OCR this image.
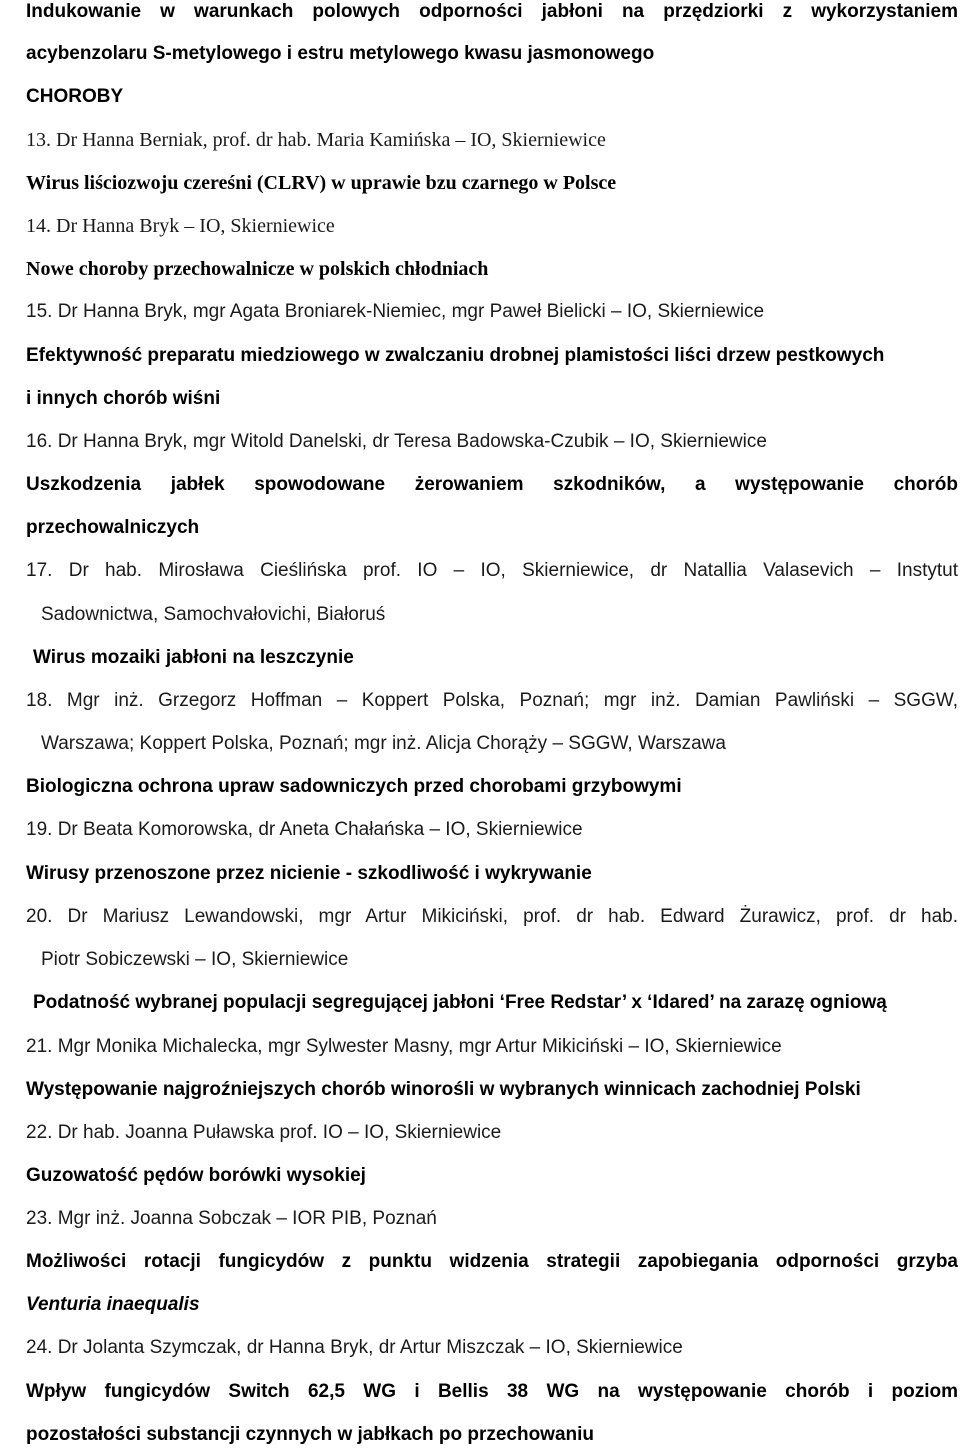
Indukowanie w warunkach polowych odporności jabłoni na przędziorki z wykorzystaniem

acybenzolaru S-metylowego i estru metylowego kwasu jasmonowego

CHOROBY

13. Dr Hanna Berniak, prof. dr hab. Maria Kamińska – IO, Skierniewice

Wirus liściozwoju czereśni (CLRV) w uprawie bzu czarnego w Polsce

14. Dr Hanna Bryk – IO, Skierniewice

Nowe choroby przechowalnicze w polskich chłodniach

15. Dr Hanna Bryk, mgr Agata Broniarek-Niemiec, mgr Paweł Bielicki – IO, Skierniewice

Efektywność preparatu miedziowego w zwalczaniu drobnej plamistości liści drzew pestkowych

i innych chorób wiśni

16. Dr Hanna Bryk, mgr Witold Danelski, dr Teresa Badowska-Czubik – IO, Skierniewice

Uszkodzenia jabłek spowodowane żerowaniem szkodników, a występowanie chorób

przechowalniczych

17. Dr hab. Mirosława Cieślińska prof. IO – IO, Skierniewice, dr Natallia Valasevich – Instytut

Sadownictwa, Samochvałovichi, Białoruś

Wirus mozaiki jabłoni na leszczynie

18. Mgr inż. Grzegorz Hoffman – Koppert Polska, Poznań; mgr inż. Damian Pawliński – SGGW,

Warszawa; Koppert Polska, Poznań; mgr inż. Alicja Chorąży – SGGW, Warszawa

Biologiczna ochrona upraw sadowniczych przed chorobami grzybowymi

19. Dr Beata Komorowska, dr Aneta Chałańska – IO, Skierniewice

Wirusy przenoszone przez nicienie - szkodliwość i wykrywanie

20. Dr Mariusz Lewandowski, mgr Artur Mikiciński, prof. dr hab. Edward Żurawicz, prof. dr hab.

Piotr Sobiczewski – IO, Skierniewice

Podatność wybranej populacji segregującej jabłoni ‘Free Redstar’ x ‘Idared’ na zarazę ogniową

21. Mgr Monika Michalecka, mgr Sylwester Masny, mgr Artur Mikiciński – IO, Skierniewice

Występowanie najgroźniejszych chorób winorośli w wybranych winnicach zachodniej Polski

22. Dr hab. Joanna Puławska prof. IO – IO, Skierniewice

Guzowatość pędów borówki wysokiej

23. Mgr inż. Joanna Sobczak – IOR PIB, Poznań

Możliwości rotacji fungicydów z punktu widzenia strategii zapobiegania odporności grzyba

Venturia inaequalis

24. Dr Jolanta Szymczak, dr Hanna Bryk, dr Artur Miszczak – IO, Skierniewice

Wpływ fungicydów Switch 62,5 WG i Bellis 38 WG na występowanie chorób i poziom

pozostałości substancji czynnych w jabłkach po przechowaniu
